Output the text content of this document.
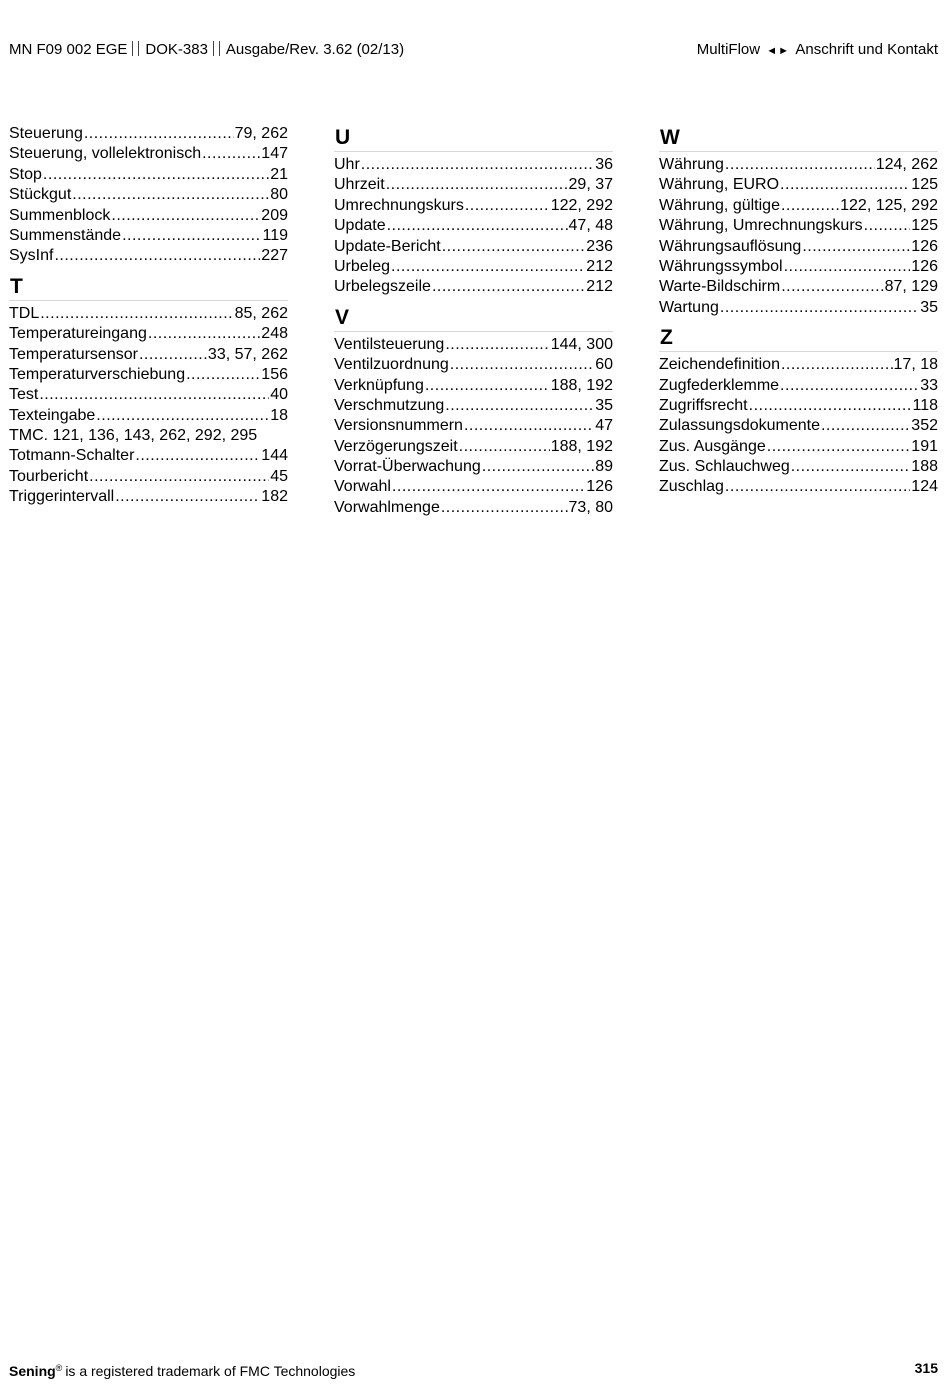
MN F09 002 EGE DOK-383 Ausgabe/Rev. 3.62 (02/13)	MultiFlow ◄► Anschrift und Kontakt
Steuerung .....	79, 262
Steuerung, vollelektronisch .....	147
Stop .....	21
Stückgut .....	80
Summenblock .....	209
Summenstände .....	119
SysInf .....	227
T
TDL .....	85, 262
Temperatureingang .....	248
Temperatursensor .....	33, 57, 262
Temperaturverschiebung .....	156
Test .....	40
Texteingabe .....	18
TMC. 121, 136, 143, 262, 292, 295
Totmann-Schalter .....	144
Tourbericht .....	45
Triggerintervall .....	182
U
Uhr .....	36
Uhrzeit .....	29, 37
Umrechnungskurs .....	122, 292
Update .....	47, 48
Update-Bericht .....	236
Urbeleg .....	212
Urbelegszeile .....	212
V
Ventilsteuerung .....	144, 300
Ventilzuordnung .....	60
Verknüpfung .....	188, 192
Verschmutzung .....	35
Versionsnummern .....	47
Verzögerungszeit .....	188, 192
Vorrat-Überwachung .....	89
Vorwahl .....	126
Vorwahlmenge .....	73, 80
W
Währung .....	124, 262
Währung, EURO .....	125
Währung, gültige .....	122, 125, 292
Währung, Umrechnungskurs .....	125
Währungsauflösung .....	126
Währungssymbol .....	126
Warte-Bildschirm .....	87, 129
Wartung .....	35
Z
Zeichendefinition .....	17, 18
Zugfederklemme .....	33
Zugriffsrecht .....	118
Zulassungsdokumente .....	352
Zus. Ausgänge .....	191
Zus. Schlauchweg .....	188
Zuschlag .....	124
Sening® is a registered trademark of FMC Technologies	315
